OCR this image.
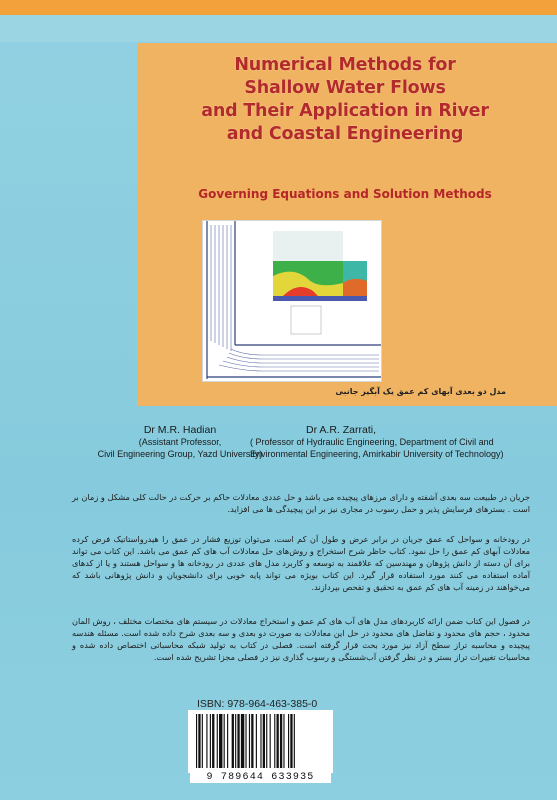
Numerical Methods for
Shallow Water Flows
and Their Application in River
and Coastal Engineering
Governing Equations and Solution Methods
مدل دو بعدی آبهای کم عمق یک آبگیر جانبی
Dr M.R. Hadian
(Assistant Professor,
Civil Engineering Group, Yazd University)
Dr A.R. Zarrati,
( Professor of Hydraulic Engineering, Department of Civil and
Environmental Engineering, Amirkabir University of Technology)
جریان در طبیعت سه بعدی آشفته و دارای مرزهای پیچیده می باشد و حل عددی معادلات حاکم بر حرکت در حالت کلی مشکل و زمان بر است . بسترهای فرسایش پذیر و حمل رسوب در مجاری نیز بر این پیچیدگی ها می افزاید.
در رودخانه و سواحل که عمق جریان در برابر عرض و طول آن کم است، می‌توان توزیع فشار در عمق را هیدرواستاتیک فرض کرده معادلات آبهای کم عمق را حل نمود. کتاب حاظر شرح استخراج و روش‌های حل معادلات آب های کم عمق می باشد. این کتاب می تواند برای آن دسته از دانش پژوهان و مهندسین که علاقمند به توسعه و کاربرد مدل های عددی در رودخانه ها و سواحل هستند و یا از کدهای آماده استفاده می کنند مورد استفاده قرار گیرد. این کتاب بویژه می تواند پایه خوبی برای دانشجویان و دانش پژوهانی باشد که می‌خواهند در زمینه آب های کم عمق به تحقیق و تفحص بپردازند.
در فصول این کتاب ضمن ارائه کاربردهای مدل های آب های کم عمق و استخراج معادلات در سیستم های مختصات مختلف ، روش المان محدود ، حجم های محدود و تفاضل های محدود در حل این معادلات به صورت دو بعدی و سه بعدی شرح داده شده است. مسئله هندسه پیچیده و محاسبه تراز سطح آزاد نیز مورد بحث قرار گرفته است. فصلی در کتاب به تولید شبکه محاسباتی اختصاص داده شده و محاسبات تغییرات تراز بستر و در نظر گرفتن آب‌شستگی و رسوب گذاری نیز در فصلی مجزا تشریح شده است.
ISBN: 978-964-463-385-0
9 789644 633935
